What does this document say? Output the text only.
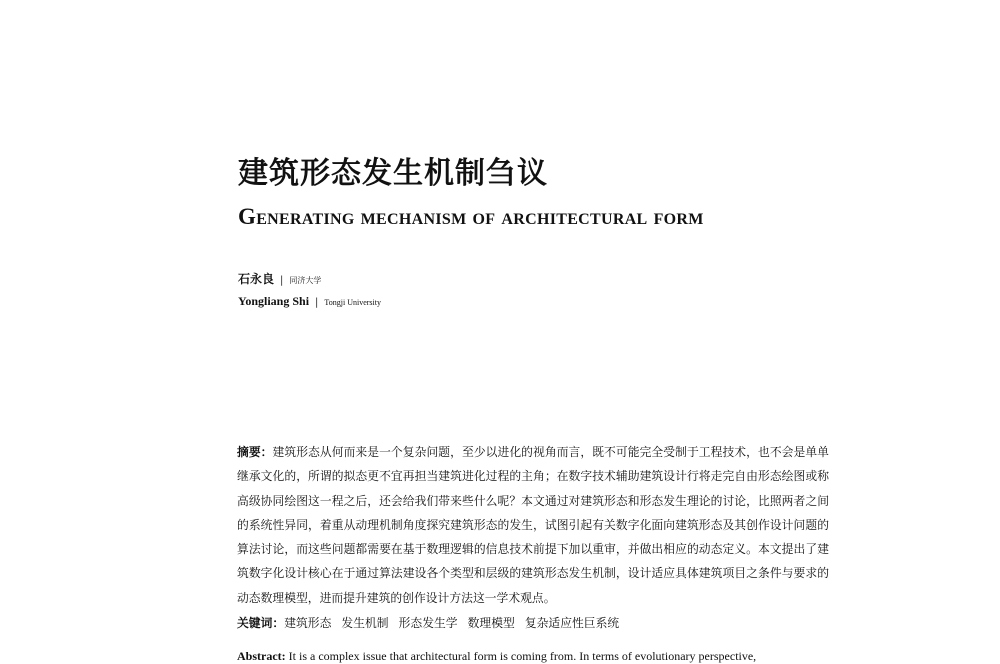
建筑形态发生机制刍议
Generating mechanism of architectural form
石永良 | 同济大学
Yongliang Shi | Tongji University

摘要：建筑形态从何而来是一个复杂问题，至少以进化的视角而言，既不可能完全受制于工程技术，也不会是单单继承文化的，所谓的拟态更不宜再担当建筑进化过程的主角；在数字技术辅助建筑设计行将走完自由形态绘图或称高级协同绘图这一程之后，还会给我们带来些什么呢？本文通过对建筑形态和形态发生理论的讨论，比照两者之间的系统性异同，着重从动理机制角度探究建筑形态的发生，试图引起有关数字化面向建筑形态及其创作设计问题的算法讨论，而这些问题都需要在基于数理逻辑的信息技术前提下加以重审，并做出相应的动态定义。本文提出了建筑数字化设计核心在于通过算法建设各个类型和层级的建筑形态发生机制，设计适应具体建筑项目之条件与要求的动态数理模型，进而提升建筑的创作设计方法这一学术观点。

关键词：建筑形态 发生机制 形态发生学 数理模型 复杂适应性巨系统

Abstract: It is a complex issue that architectural form is coming from. In terms of evolutionary perspective,
